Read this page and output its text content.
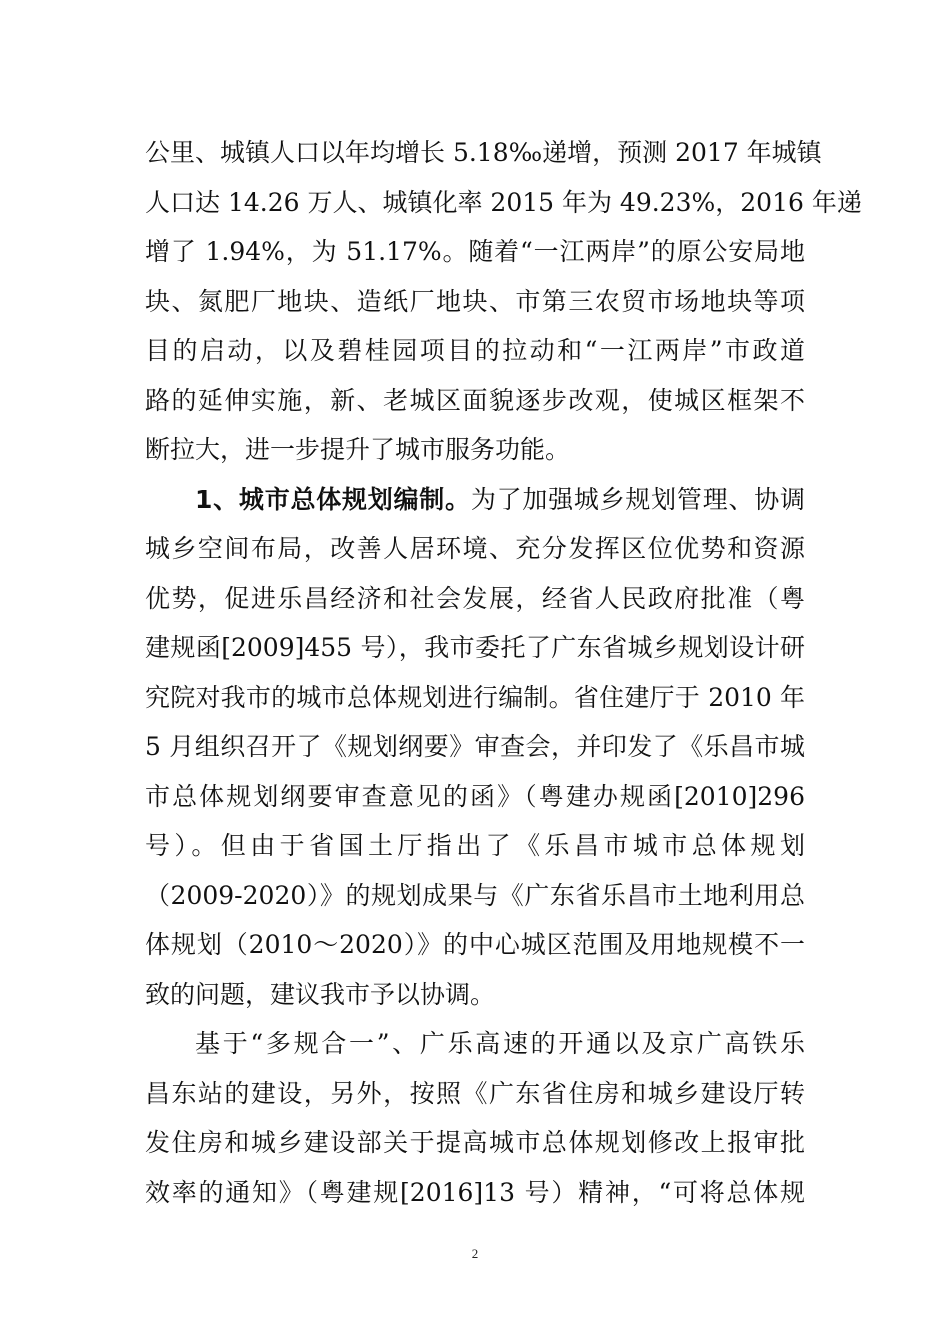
公里、城镇人口以年均增长 5.18‰递增，预测 2017 年城镇
人口达 14.26 万人、城镇化率 2015 年为 49.23%，2016 年递
增了 1.94%，为 51.17%。随着“一江两岸”的原公安局地
块、氮肥厂地块、造纸厂地块、市第三农贸市场地块等项
目的启动，以及碧桂园项目的拉动和“一江两岸”市政道
路的延伸实施，新、老城区面貌逐步改观，使城区框架不
断拉大，进一步提升了城市服务功能。
1、城市总体规划编制。为了加强城乡规划管理、协调
城乡空间布局，改善人居环境、充分发挥区位优势和资源
优势，促进乐昌经济和社会发展，经省人民政府批准（粤
建规函[2009]455 号），我市委托了广东省城乡规划设计研
究院对我市的城市总体规划进行编制。省住建厅于 2010 年
5 月组织召开了《规划纲要》审查会，并印发了《乐昌市城
市总体规划纲要审查意见的函》（粤建办规函[2010]296
号）。但由于省国土厅指出了《乐昌市城市总体规划
（2009-2020）》的规划成果与《广东省乐昌市土地利用总
体规划（2010～2020）》的中心城区范围及用地规模不一
致的问题，建议我市予以协调。
基于“多规合一”、广乐高速的开通以及京广高铁乐
昌东站的建设，另外，按照《广东省住房和城乡建设厅转
发住房和城乡建设部关于提高城市总体规划修改上报审批
效率的通知》（粤建规[2016]13 号）精神，“可将总体规
2
